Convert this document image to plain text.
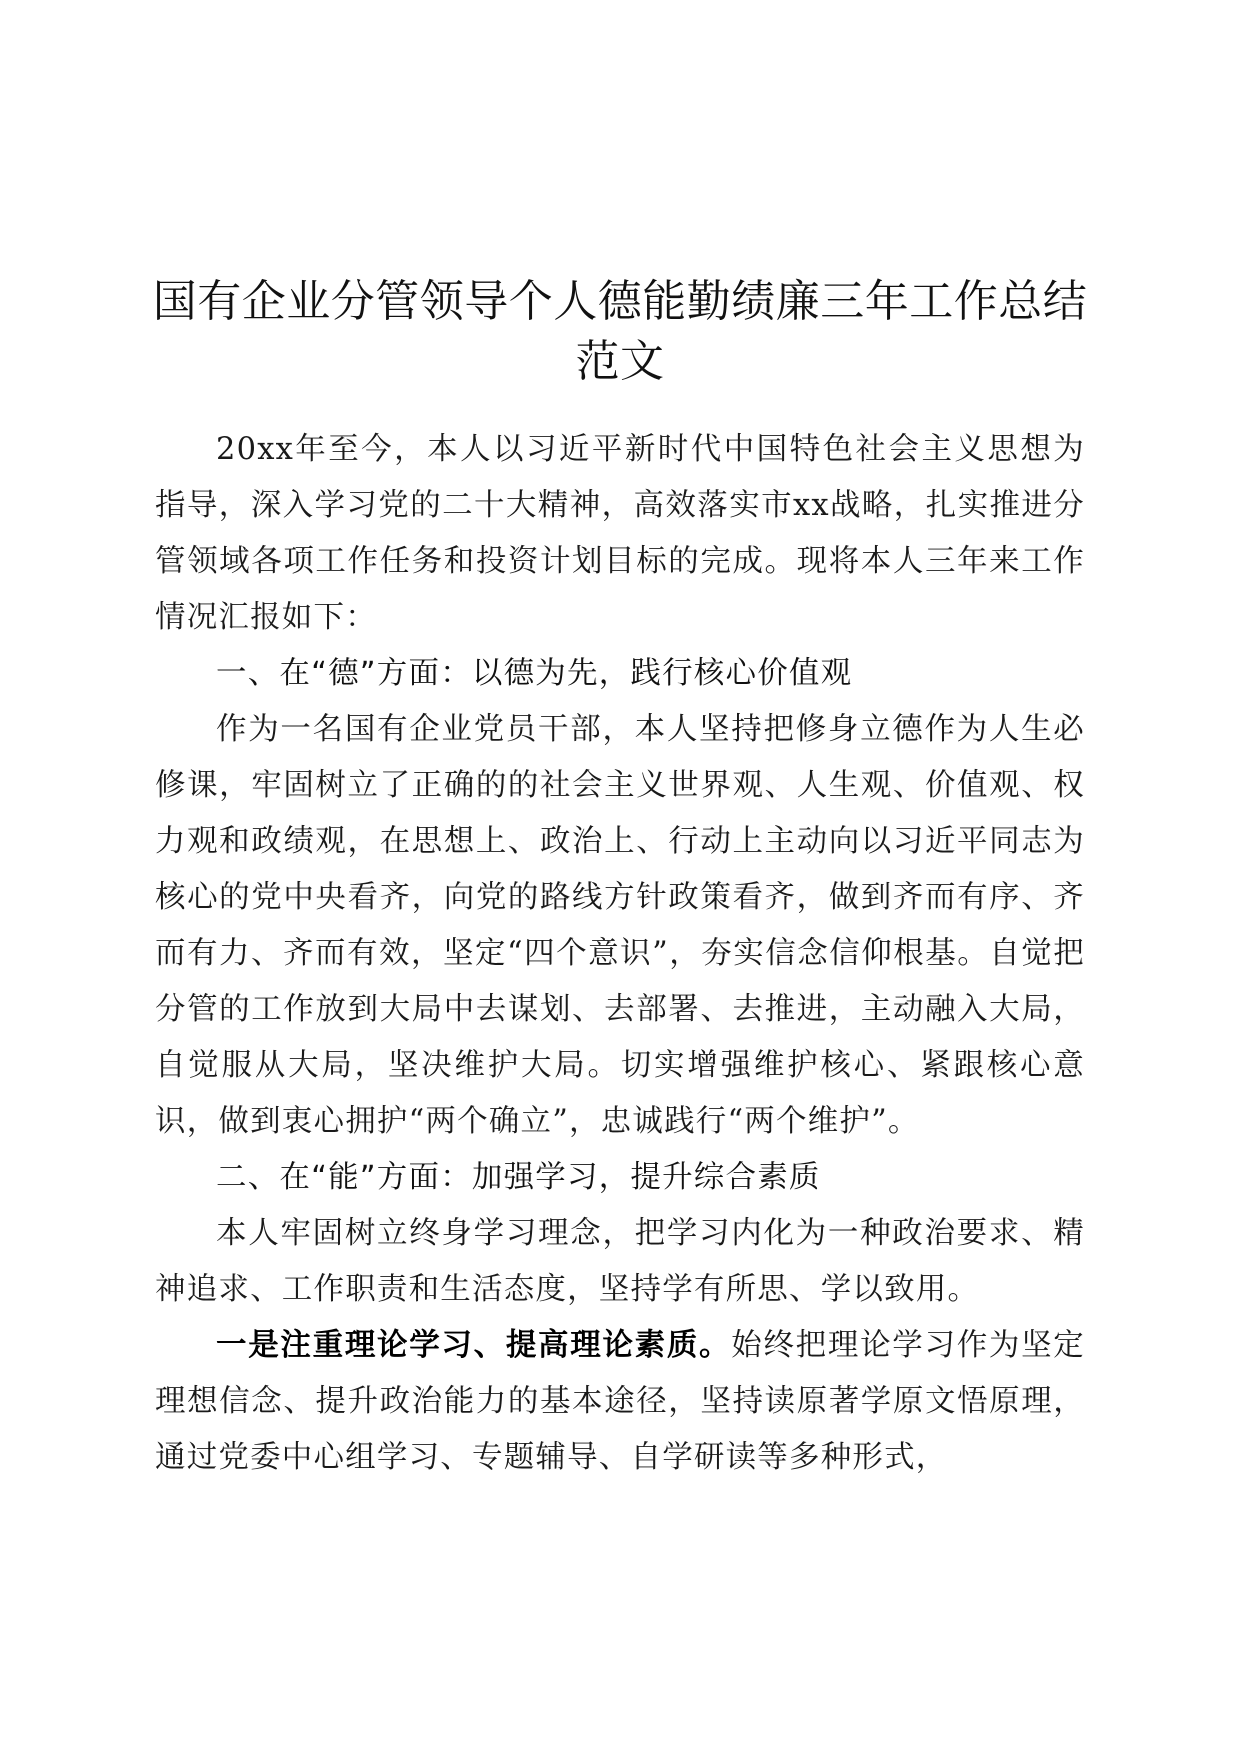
国有企业分管领导个人德能勤绩廉三年工作总结范文

20xx年至今，本人以习近平新时代中国特色社会主义思想为指导，深入学习党的二十大精神，高效落实市xx战略，扎实推进分管领域各项工作任务和投资计划目标的完成。现将本人三年来工作情况汇报如下：

一、在“德”方面：以德为先，践行核心价值观

作为一名国有企业党员干部，本人坚持把修身立德作为人生必修课，牢固树立了正确的的社会主义世界观、人生观、价值观、权力观和政绩观，在思想上、政治上、行动上主动向以习近平同志为核心的党中央看齐，向党的路线方针政策看齐，做到齐而有序、齐而有力、齐而有效，坚定“四个意识”，夯实信念信仰根基。自觉把分管的工作放到大局中去谋划、去部署、去推进，主动融入大局，自觉服从大局，坚决维护大局。切实增强维护核心、紧跟核心意识，做到衷心拥护“两个确立”，忠诚践行“两个维护”。

二、在“能”方面：加强学习，提升综合素质

本人牢固树立终身学习理念，把学习内化为一种政治要求、精神追求、工作职责和生活态度，坚持学有所思、学以致用。

一是注重理论学习、提高理论素质。始终把理论学习作为坚定理想信念、提升政治能力的基本途径，坚持读原著学原文悟原理，通过党委中心组学习、专题辅导、自学研读等多种形式，
